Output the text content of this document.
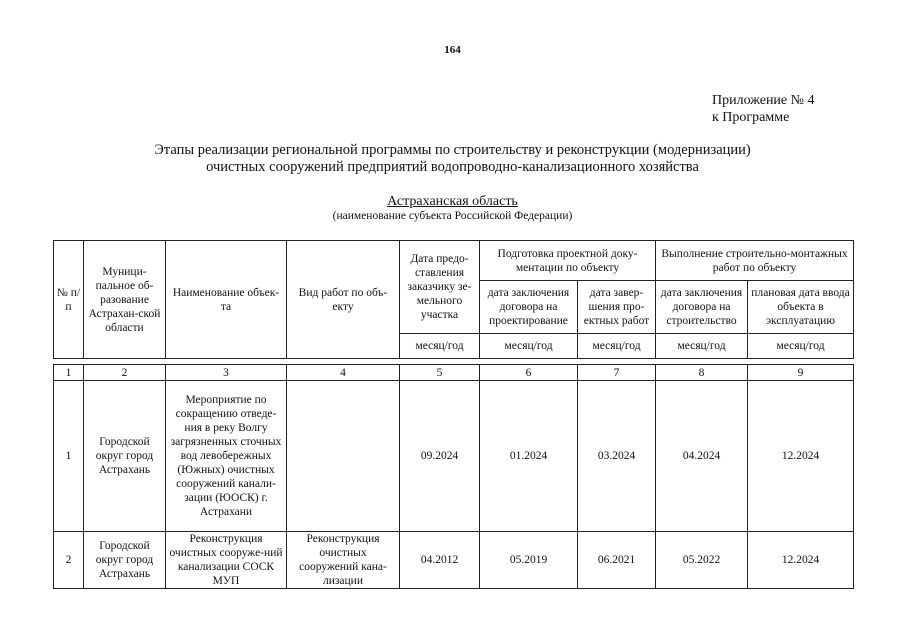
164
Приложение № 4
к Программе
Этапы реализации региональной программы по строительству и реконструкции (модернизации)
очистных сооружений предприятий водопроводно-канализационного хозяйства
Астраханская область
(наименование субъекта Российской Федерации)
№ п/п	Муници-пальное об-разование Астрахан-ской области	Наименование объек-та	Вид работ по объ-екту	Дата предо-ставления заказчику зе-мельного участка	Подготовка проектной доку-ментации по объекту		Выполнение строительно-монтажных работ по объекту	
					дата заключения договора на проектирование	дата завер-шения про-ектных работ	дата заключения договора на строительство	плановая дата ввода объекта в эксплуатацию
				месяц/год	месяц/год	месяц/год	месяц/год	месяц/год

1	2	3	4	5	6	7	8	9
1	Городской округ город Астрахань	Мероприятие по сокращению отведе-ния в реку Волгу загрязненных сточных вод левобережных (Южных) очистных сооружений канали-зации (ЮОСК) г. Астрахани		09.2024	01.2024	03.2024	04.2024	12.2024
2	Городской округ город Астрахань	Реконструкция очистных сооруже-ний канализации СОСК МУП	Реконструкция очистных сооружений кана-лизации	04.2012	05.2019	06.2021	05.2022	12.2024
